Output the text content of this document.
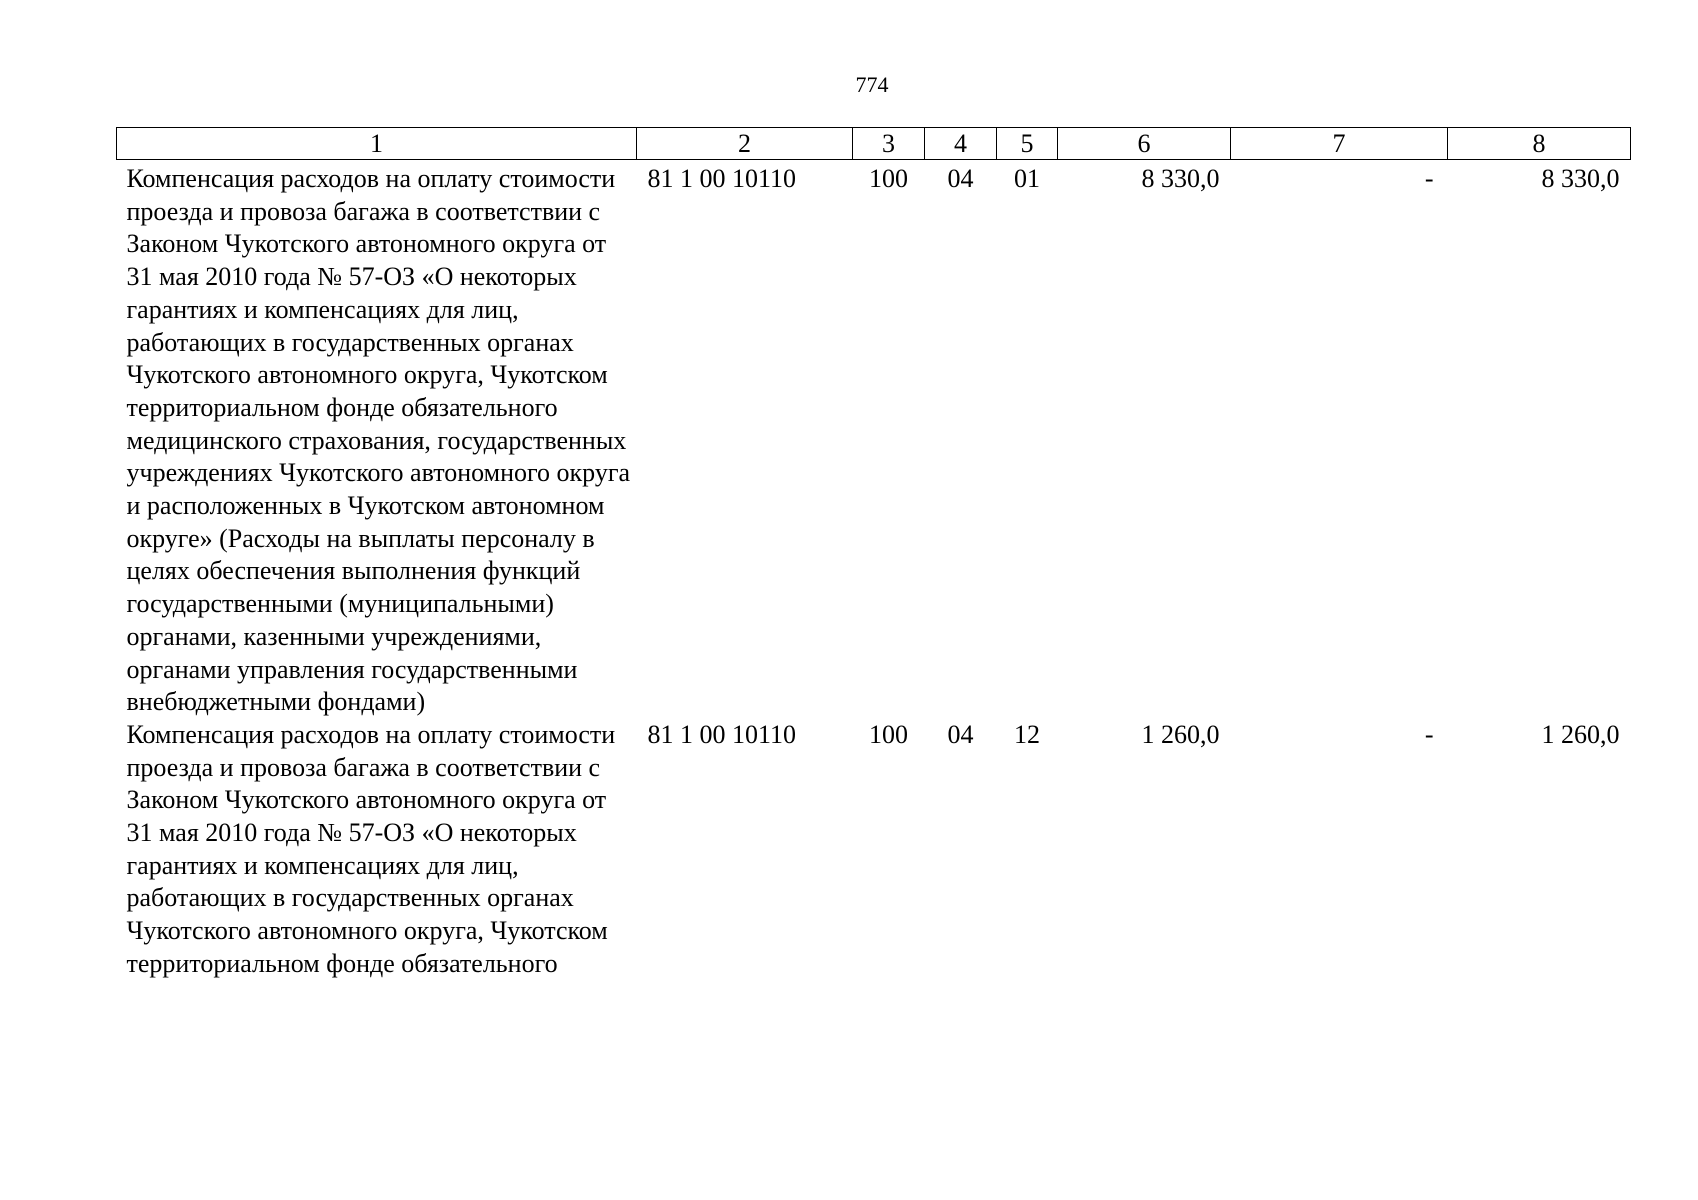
774
1	2	3	4	5	6	7	8
Компенсация расходов на оплату стоимости проезда и провоза багажа в соответствии с Законом Чукотского автономного округа от 31 мая 2010 года № 57-ОЗ «О некоторых гарантиях и компенсациях для лиц, работающих в государственных органах Чукотского автономного округа, Чукотском территориальном фонде обязательного медицинского страхования, государственных учреждениях Чукотского автономного округа и расположенных в Чукотском автономном округе» (Расходы на выплаты персоналу в целях обеспечения выполнения функций государственными (муниципальными) органами, казенными учреждениями, органами управления государственными внебюджетными фондами)	81 1 00 10110	100	04	01	8 330,0	-	8 330,0
Компенсация расходов на оплату стоимости проезда и провоза багажа в соответствии с Законом Чукотского автономного округа от 31 мая 2010 года № 57-ОЗ «О некоторых гарантиях и компенсациях для лиц, работающих в государственных органах Чукотского автономного округа, Чукотском территориальном фонде обязательного	81 1 00 10110	100	04	12	1 260,0	-	1 260,0
